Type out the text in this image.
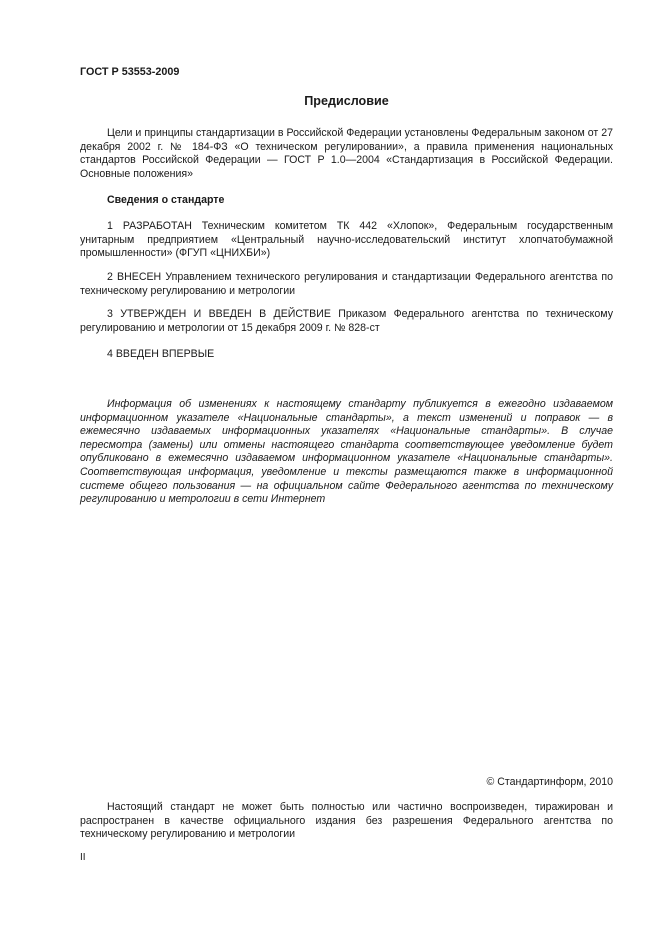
ГОСТ Р 53553-2009
Предисловие

Цели и принципы стандартизации в Российской Федерации установлены Федеральным законом от 27 декабря 2002 г. № 184-ФЗ «О техническом регулировании», а правила применения национальных стандартов Российской Федерации — ГОСТ Р 1.0—2004 «Стандартизация в Российской Федерации. Основные положения»

Сведения о стандарте

1 РАЗРАБОТАН Техническим комитетом ТК 442 «Хлопок», Федеральным государственным унитарным предприятием «Центральный научно-исследовательский институт хлопчатобумажной промышленности» (ФГУП «ЦНИХБИ»)

2 ВНЕСЕН Управлением технического регулирования и стандартизации Федерального агентства по техническому регулированию и метрологии

3 УТВЕРЖДЕН И ВВЕДЕН В ДЕЙСТВИЕ Приказом Федерального агентства по техническому регулированию и метрологии от 15 декабря 2009 г. № 828-ст

4 ВВЕДЕН ВПЕРВЫЕ

Информация об изменениях к настоящему стандарту публикуется в ежегодно издаваемом информационном указателе «Национальные стандарты», а текст изменений и поправок — в ежемесячно издаваемых информационных указателях «Национальные стандарты». В случае пересмотра (замены) или отмены настоящего стандарта соответствующее уведомление будет опубликовано в ежемесячно издаваемом информационном указателе «Национальные стандарты». Соответствующая информация, уведомление и тексты размещаются также в информационной системе общего пользования — на официальном сайте Федерального агентства по техническому регулированию и метрологии в сети Интернет

© Стандартинформ, 2010

Настоящий стандарт не может быть полностью или частично воспроизведен, тиражирован и распространен в качестве официального издания без разрешения Федерального агентства по техническому регулированию и метрологии

II
